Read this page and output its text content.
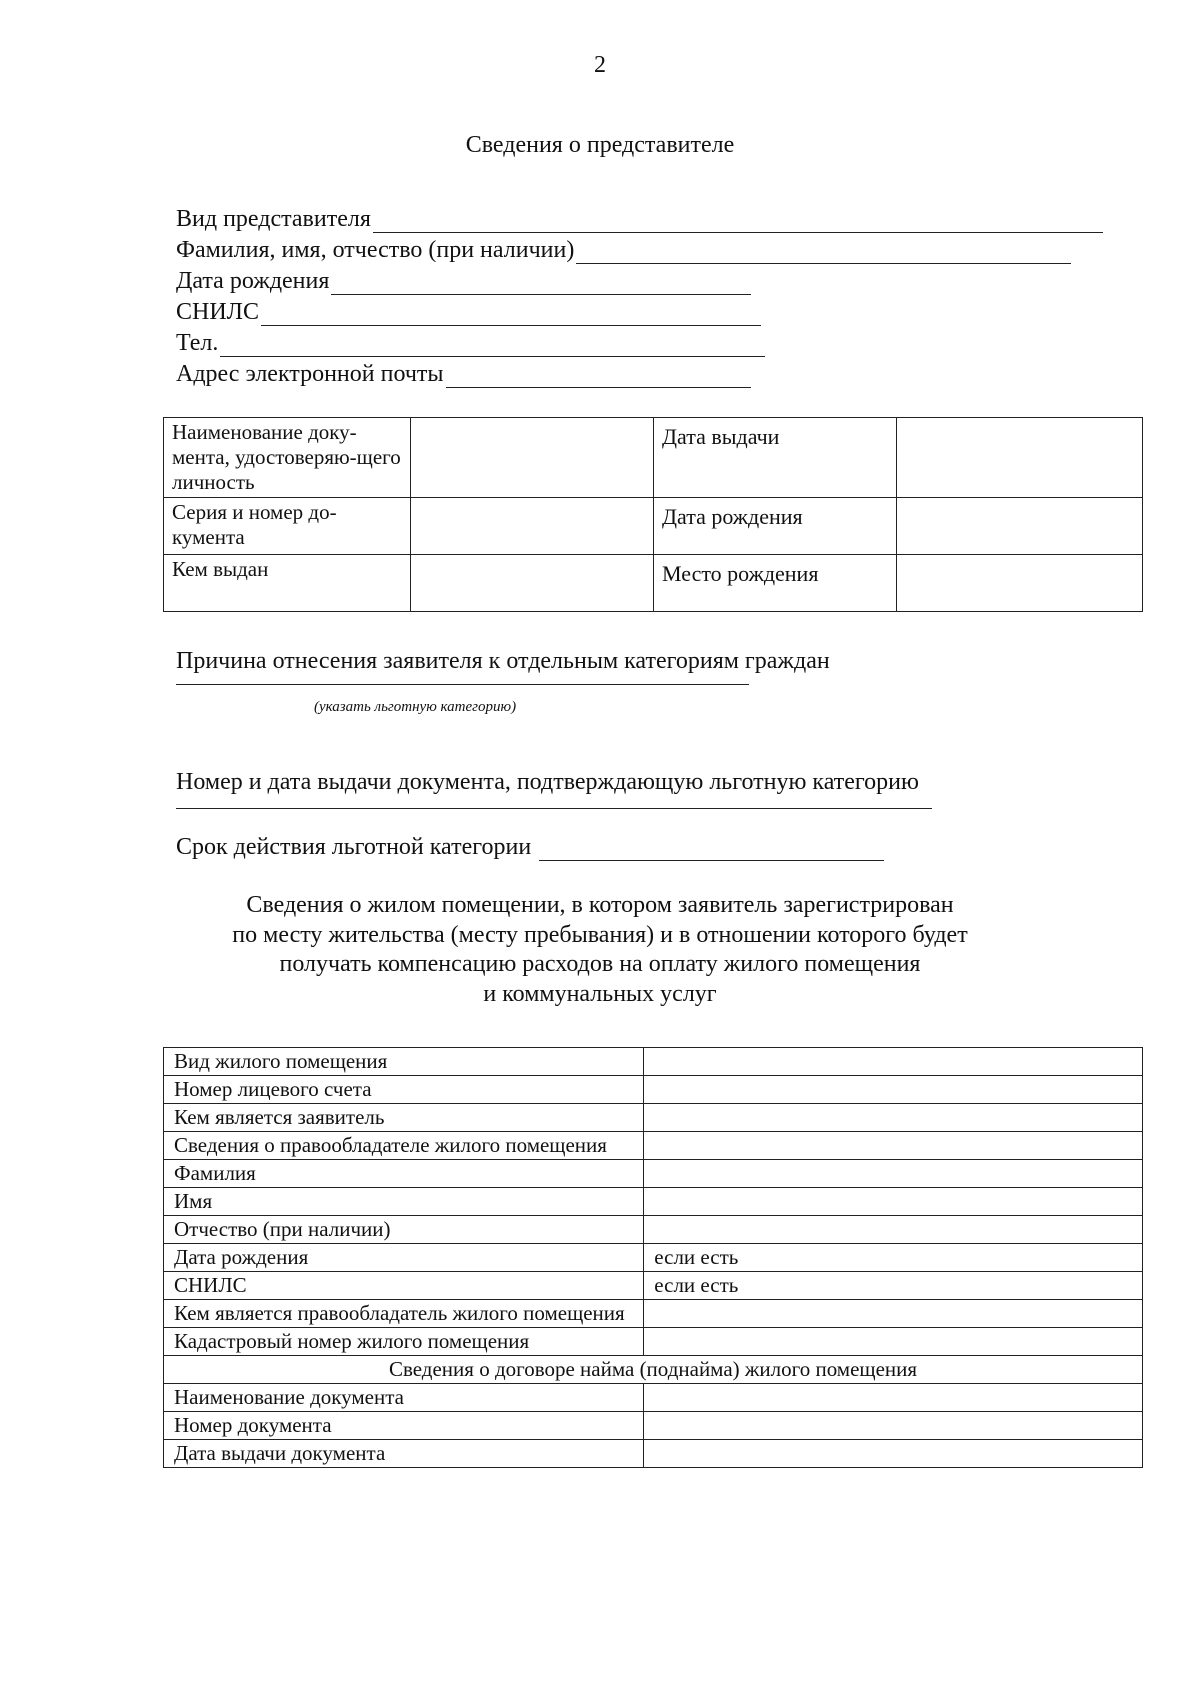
2
Сведения о представителе
Вид представителя
Фамилия, имя, отчество (при наличии)
Дата рождения
СНИЛС
Тел.
Адрес электронной почты
Наименование доку-мента, удостоверяю-щего личность		Дата выдачи	

Серия и номер до-кумента		Дата рождения	

Кем выдан		Место рождения	

Причина отнесения заявителя к отдельным категориям граждан
(указать льготную категорию)
Номер и дата выдачи документа, подтверждающую льготную категорию
Срок действия льготной категории
Сведения о жилом помещении, в котором заявитель зарегистрирован
по месту жительства (месту пребывания) и в отношении которого будет
получать компенсацию расходов на оплату жилого помещения
и коммунальных услуг
Вид жилого помещения	
Номер лицевого счета	
Кем является заявитель	
Сведения о правообладателе жилого помещения	
Фамилия	
Имя	
Отчество (при наличии)	
Дата рождения	если есть
СНИЛС	если есть
Кем является правообладатель жилого помещения	
Кадастровый номер жилого помещения	
Сведения о договоре найма (поднайма) жилого помещения	
Наименование документа	
Номер документа	
Дата выдачи документа	
